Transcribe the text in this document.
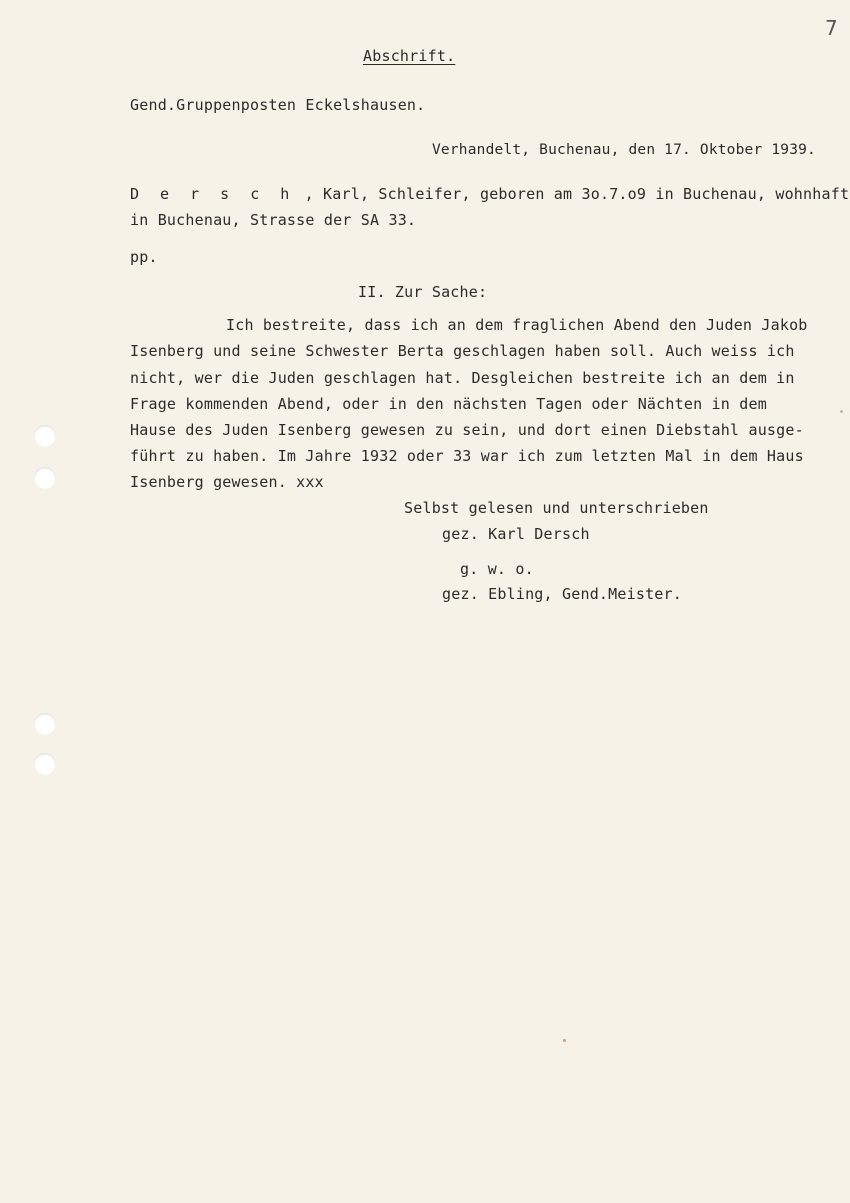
7
Abschrift.
Gend.Gruppenposten Eckelshausen.
Verhandelt, Buchenau, den 17. Oktober 1939.
D e r s c h , Karl, Schleifer, geboren am 3o.7.o9 in Buchenau, wohnhaft
in Buchenau, Strasse der SA 33.
pp.
II. Zur Sache:
Ich bestreite, dass ich an dem fraglichen Abend den Juden Jakob
Isenberg und seine Schwester Berta geschlagen haben soll. Auch weiss ich
nicht, wer die Juden geschlagen hat. Desgleichen bestreite ich an dem in
Frage kommenden Abend, oder in den nächsten Tagen oder Nächten in dem
Hause des Juden Isenberg gewesen zu sein, und dort einen Diebstahl ausge-
führt zu haben. Im Jahre 1932 oder 33 war ich zum letzten Mal in dem Haus
Isenberg gewesen. xxx
Selbst gelesen und unterschrieben
gez. Karl Dersch
g. w. o.
gez. Ebling, Gend.Meister.
